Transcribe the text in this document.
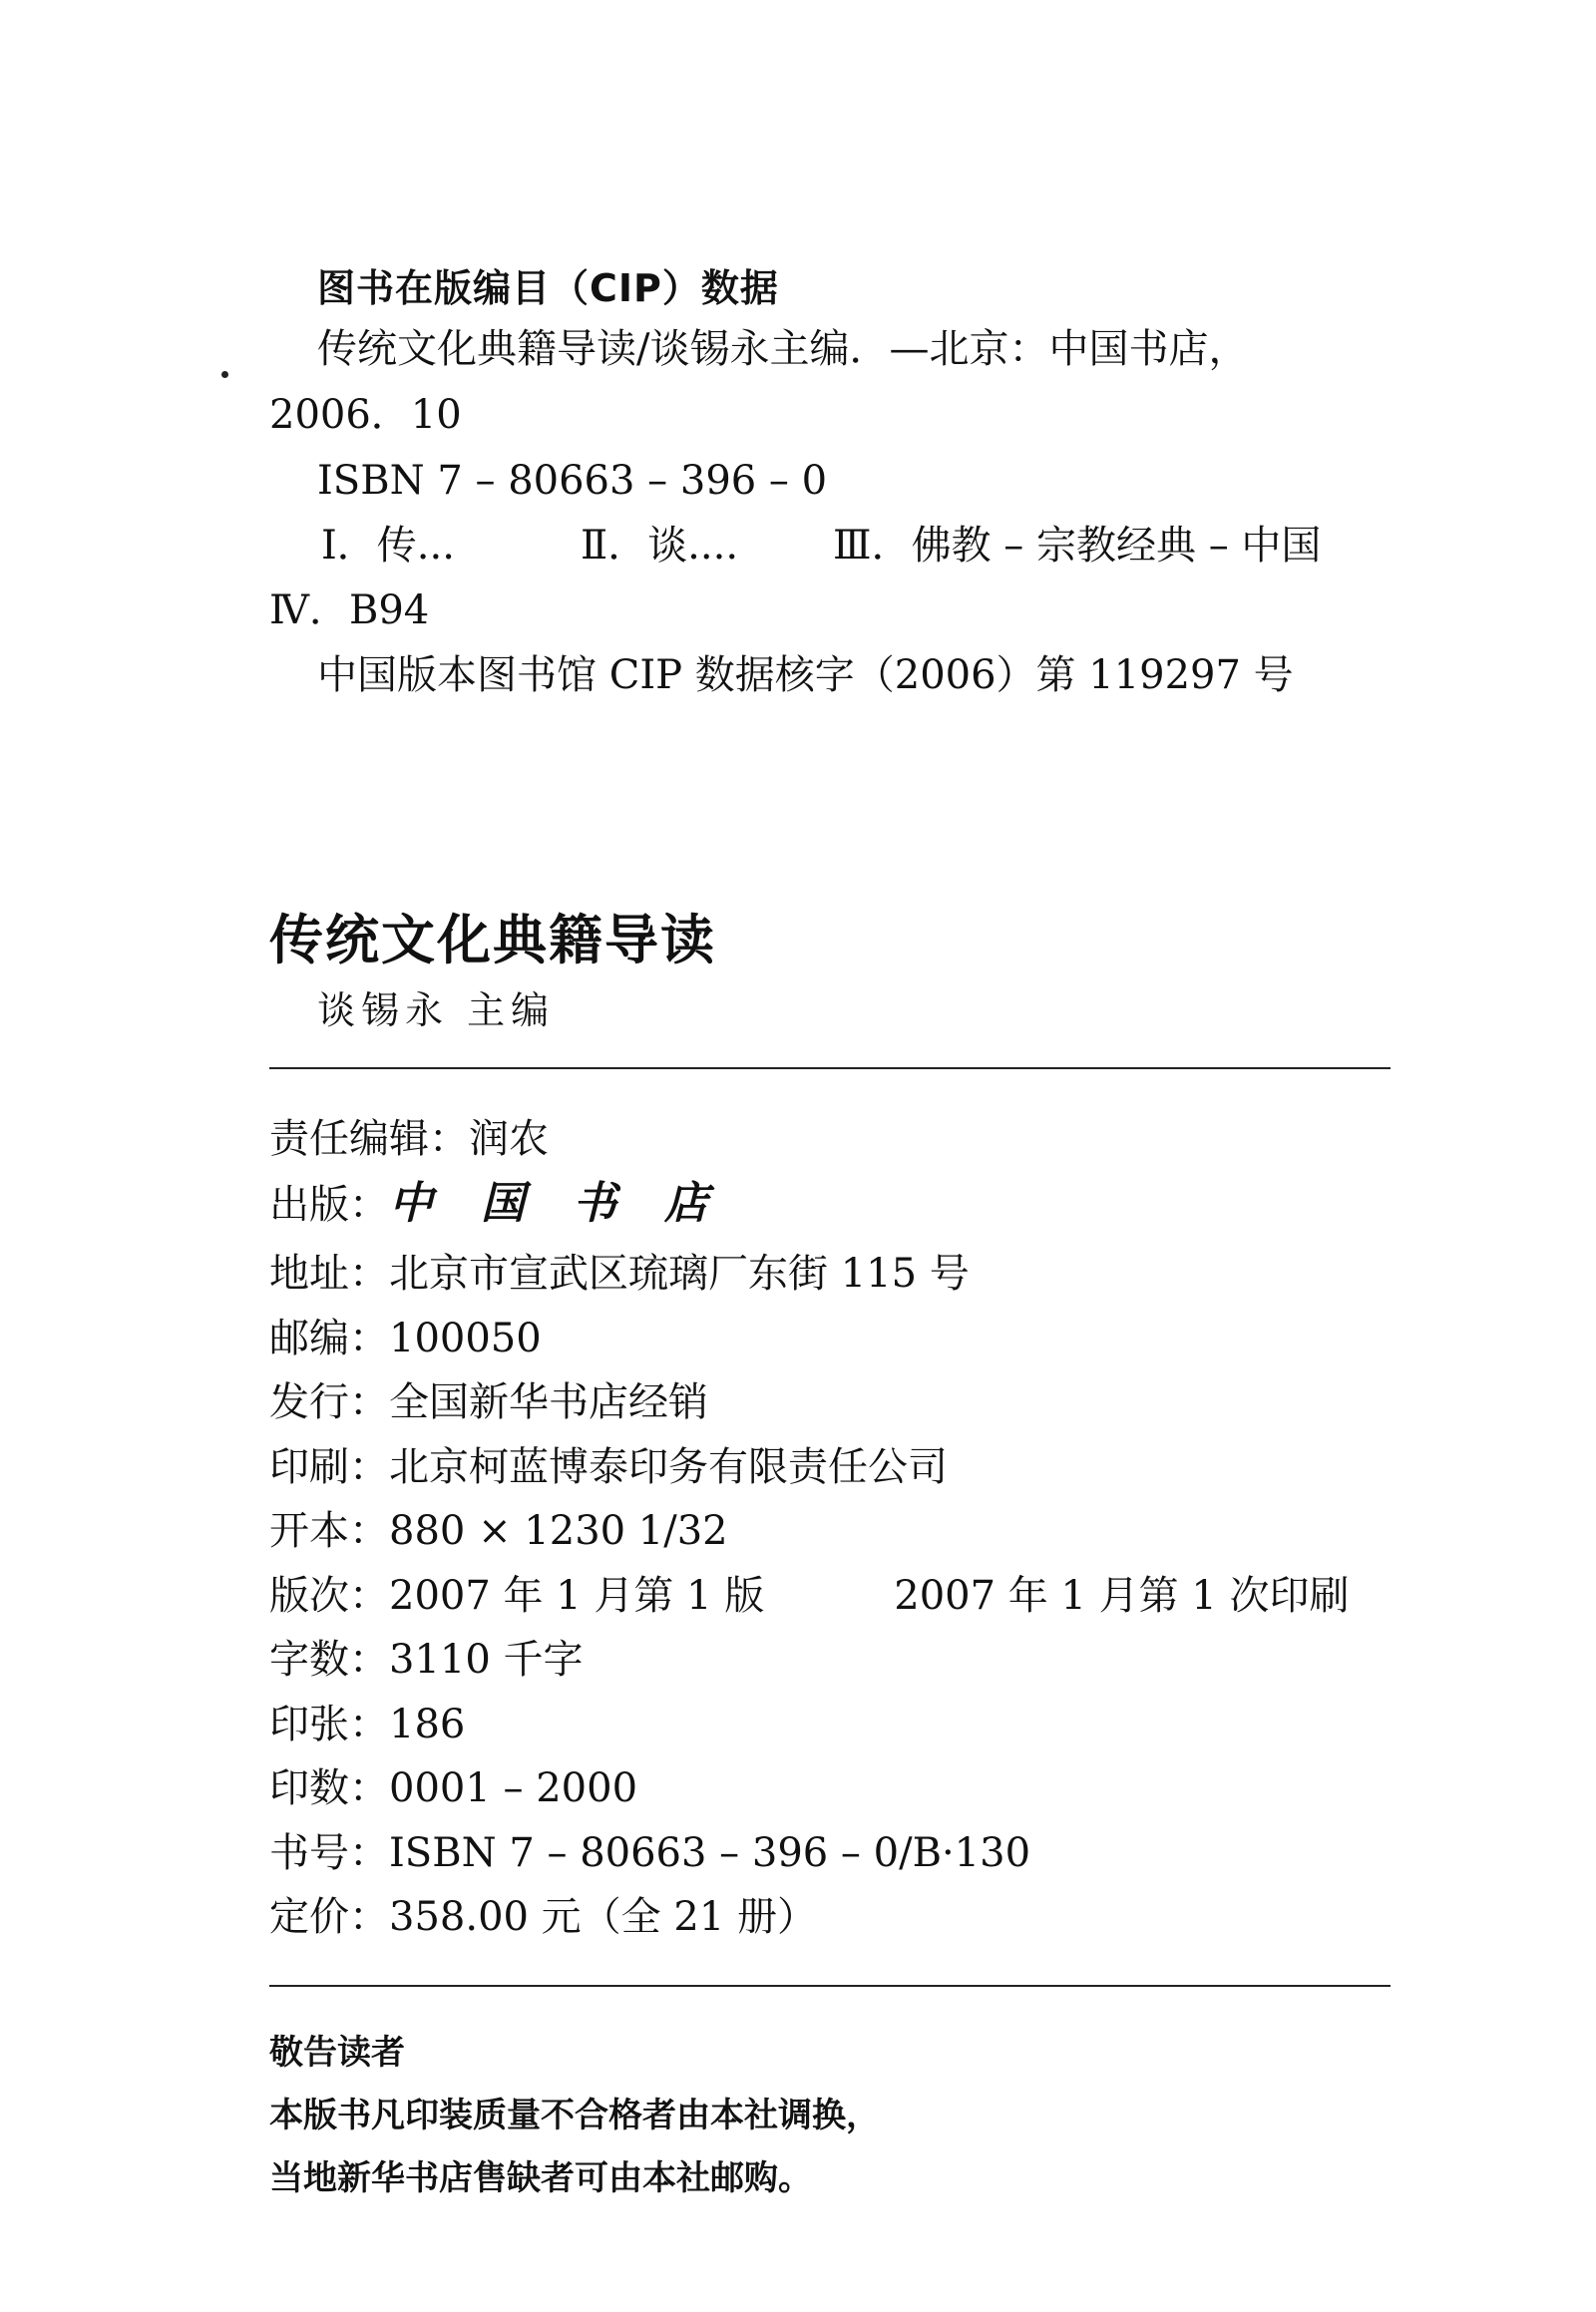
图书在版编目（CIP）数据
传统文化典籍导读/谈锡永主编．—北京：中国书店，
2006．10
ISBN 7 – 80663 – 396 – 0
Ⅰ．传...	Ⅱ．谈.... Ⅲ．佛教 – 宗教经典 – 中国
Ⅳ．B94
中国版本图书馆 CIP 数据核字（2006）第 119297 号
传统文化典籍导读
谈锡永 主编
责任编辑：润农
出版：中国书店
地址：北京市宣武区琉璃厂东街 115 号
邮编：100050
发行：全国新华书店经销
印刷：北京柯蓝博泰印务有限责任公司
开本：880 × 1230 1/32
版次：2007 年 1 月第 1 版	2007 年 1 月第 1 次印刷
字数：3110 千字
印张：186
印数：0001 – 2000
书号：ISBN 7 – 80663 – 396 – 0/B·130
定价：358.00 元（全 21 册）
敬告读者
本版书凡印装质量不合格者由本社调换，
当地新华书店售缺者可由本社邮购。
